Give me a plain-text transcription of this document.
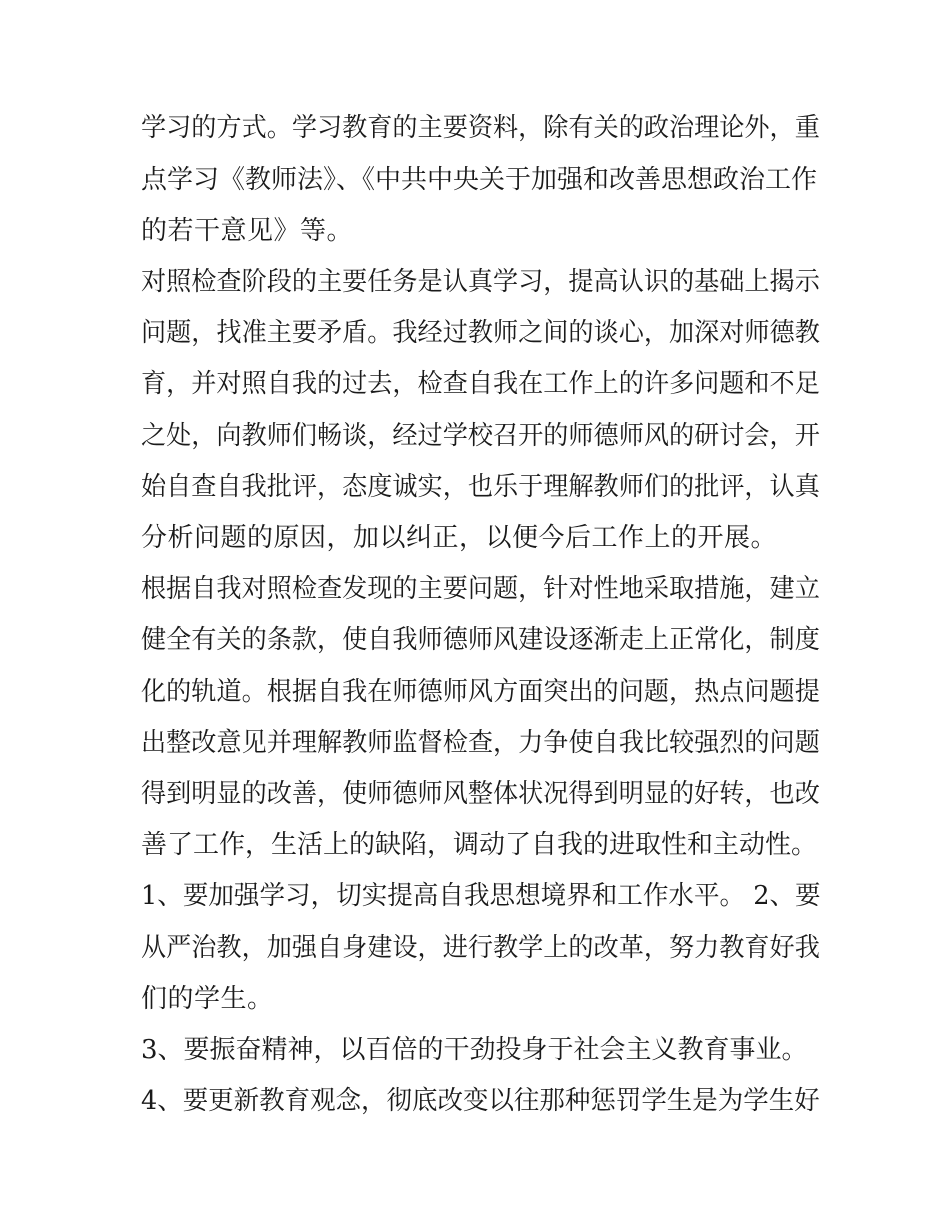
学习的方式。学习教育的主要资料，除有关的政治理论外，重
点学习《教师法》、《中共中央关于加强和改善思想政治工作
的若干意见》等。
对照检查阶段的主要任务是认真学习，提高认识的基础上揭示
问题，找准主要矛盾。我经过教师之间的谈心，加深对师德教
育，并对照自我的过去，检查自我在工作上的许多问题和不足
之处，向教师们畅谈，经过学校召开的师德师风的研讨会，开
始自查自我批评，态度诚实，也乐于理解教师们的批评，认真
分析问题的原因，加以纠正，以便今后工作上的开展。
根据自我对照检查发现的主要问题，针对性地采取措施，建立
健全有关的条款，使自我师德师风建设逐渐走上正常化，制度
化的轨道。根据自我在师德师风方面突出的问题，热点问题提
出整改意见并理解教师监督检查，力争使自我比较强烈的问题
得到明显的改善，使师德师风整体状况得到明显的好转，也改
善了工作，生活上的缺陷，调动了自我的进取性和主动性。
1、要加强学习，切实提高自我思想境界和工作水平。 2、要
从严治教，加强自身建设，进行教学上的改革，努力教育好我
们的学生。
3、要振奋精神，以百倍的干劲投身于社会主义教育事业。
4、要更新教育观念，彻底改变以往那种惩罚学生是为学生好
